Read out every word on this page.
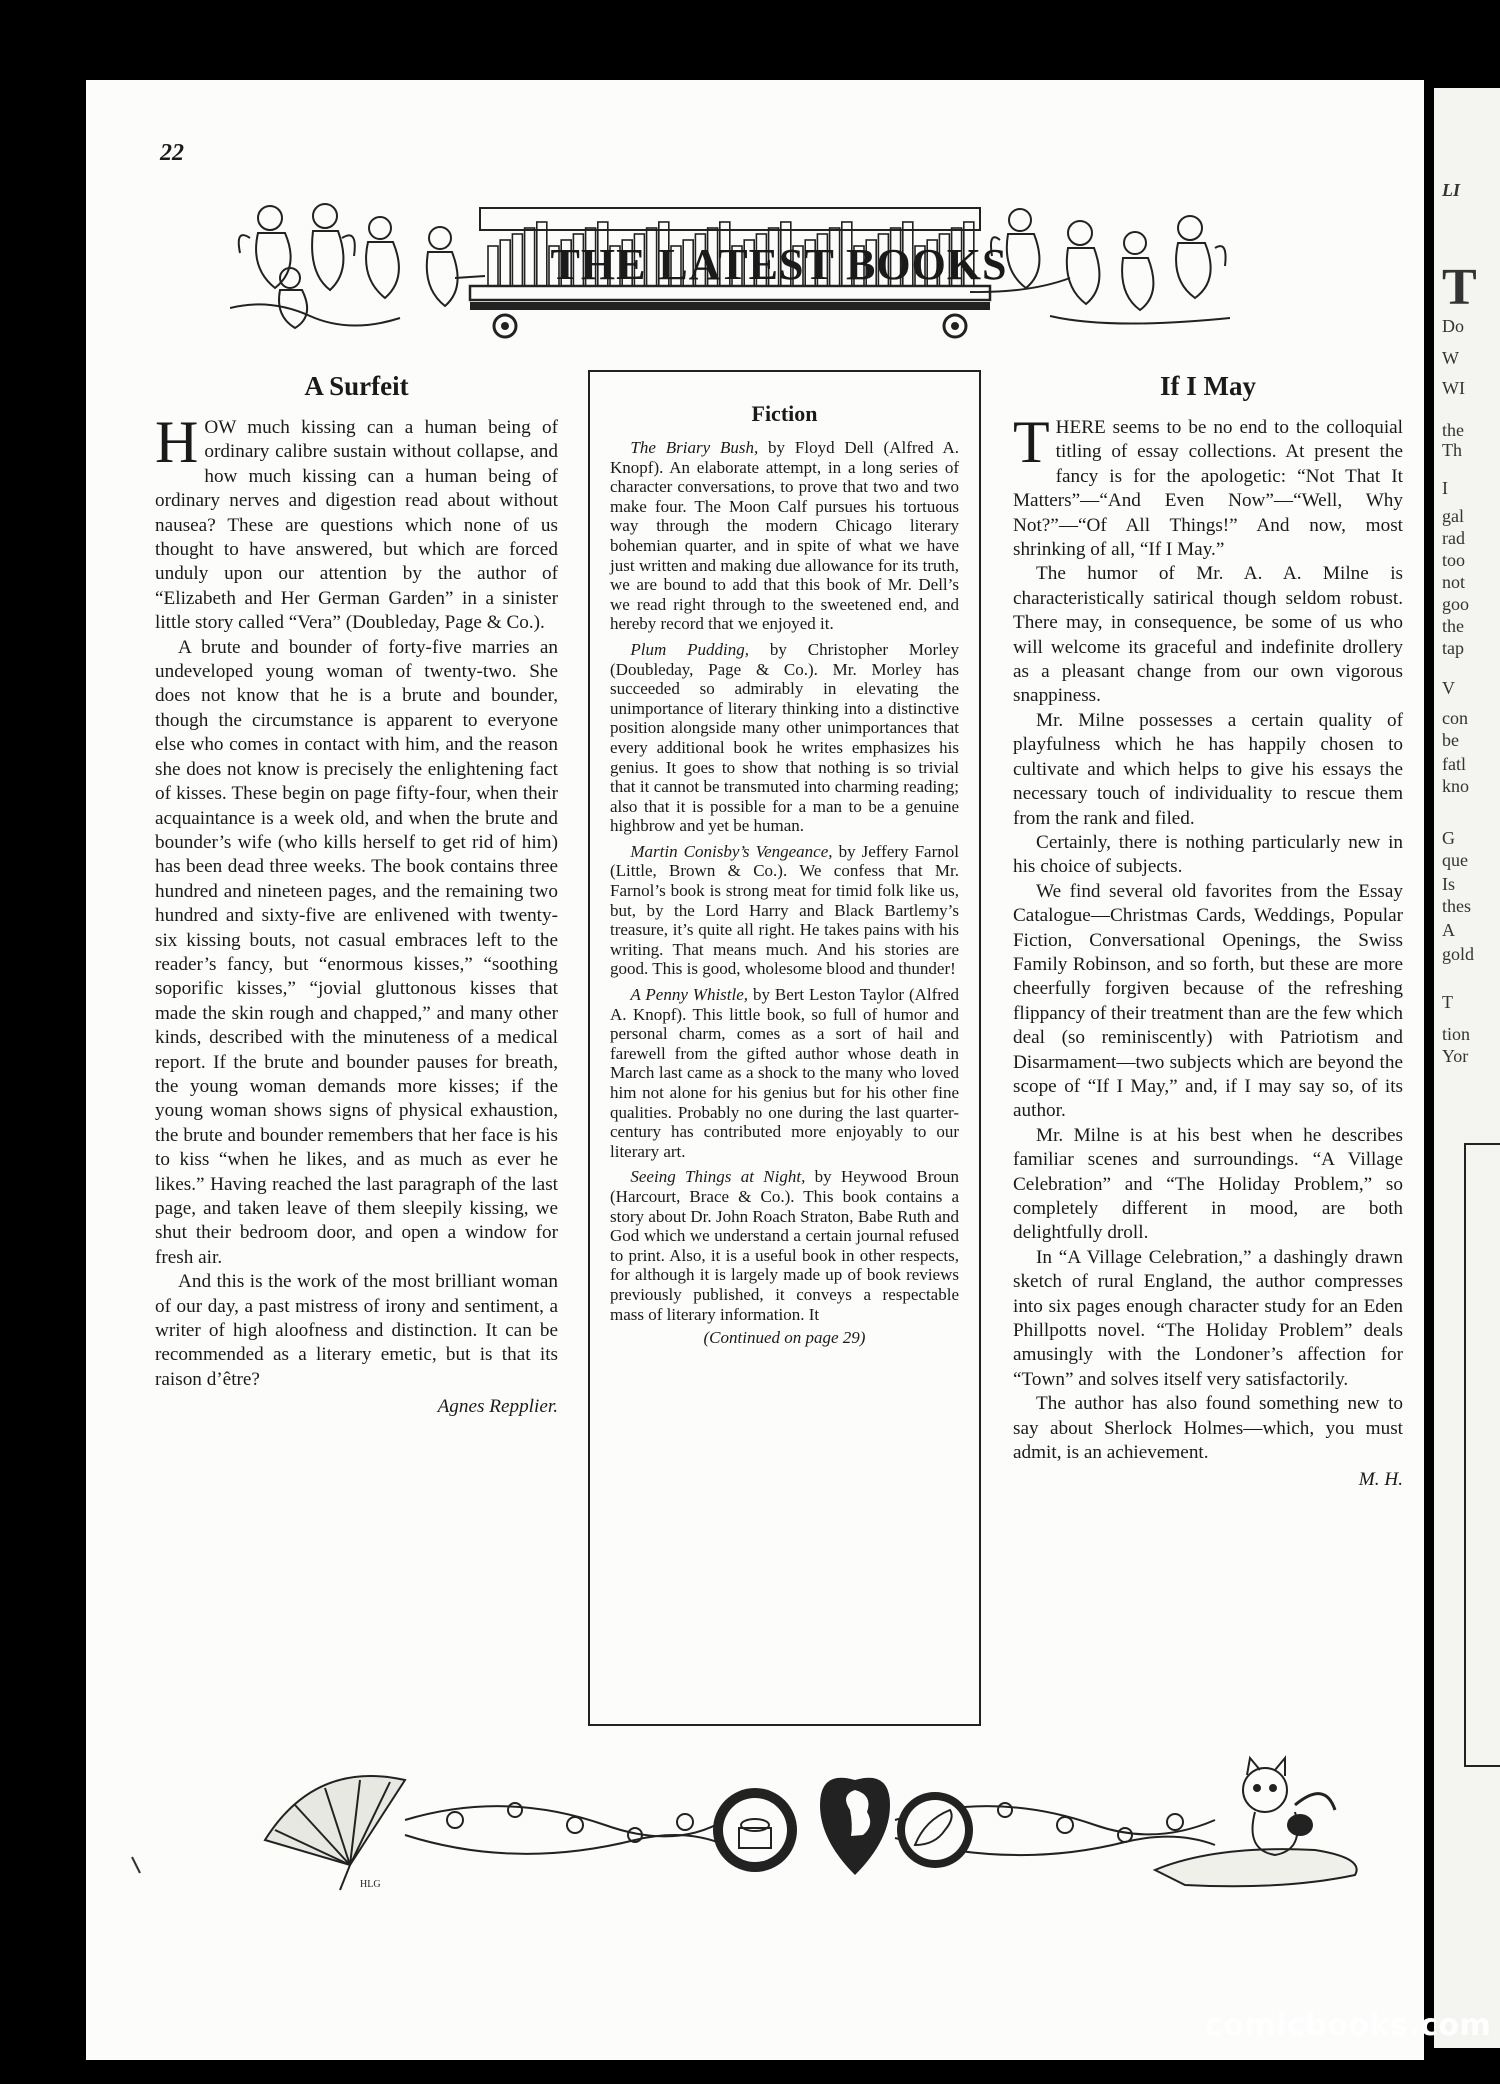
LI
T
Do
W
WI
the
Th
I
gal
rad
too
not
goo
the
tap
V
con
be
fatl
kno
G
que
Is
thes
A
gold
T
tion
Yor
22
THE LATEST BOOKS
A Surfeit

HOW much kissing can a human being of ordinary calibre sustain without collapse, and how much kissing can a human being of ordinary nerves and digestion read about without nausea? These are questions which none of us thought to have answered, but which are forced unduly upon our attention by the author of “Elizabeth and Her German Garden” in a sinister little story called “Vera” (Doubleday, Page & Co.).

A brute and bounder of forty-five marries an undeveloped young woman of twenty-two. She does not know that he is a brute and bounder, though the circumstance is apparent to everyone else who comes in contact with him, and the reason she does not know is precisely the enlightening fact of kisses. These begin on page fifty-four, when their acquaintance is a week old, and when the brute and bounder’s wife (who kills herself to get rid of him) has been dead three weeks. The book contains three hundred and nineteen pages, and the remaining two hundred and sixty-five are enlivened with twenty-six kissing bouts, not casual embraces left to the reader’s fancy, but “enormous kisses,” “soothing soporific kisses,” “jovial gluttonous kisses that made the skin rough and chapped,” and many other kinds, described with the minuteness of a medical report. If the brute and bounder pauses for breath, the young woman demands more kisses; if the young woman shows signs of physical exhaustion, the brute and bounder remembers that her face is his to kiss “when he likes, and as much as ever he likes.” Having reached the last paragraph of the last page, and taken leave of them sleepily kissing, we shut their bedroom door, and open a window for fresh air.

And this is the work of the most brilliant woman of our day, a past mistress of irony and sentiment, a writer of high aloofness and distinction. It can be recommended as a literary emetic, but is that its raison d’être?

Agnes Repplier.
Fiction

The Briary Bush, by Floyd Dell (Alfred A. Knopf). An elaborate attempt, in a long series of character conversations, to prove that two and two make four. The Moon Calf pursues his tortuous way through the modern Chicago literary bohemian quarter, and in spite of what we have just written and making due allowance for its truth, we are bound to add that this book of Mr. Dell’s we read right through to the sweetened end, and hereby record that we enjoyed it.

Plum Pudding, by Christopher Morley (Doubleday, Page & Co.). Mr. Morley has succeeded so admirably in elevating the unimportance of literary thinking into a distinctive position alongside many other unimportances that every additional book he writes emphasizes his genius. It goes to show that nothing is so trivial that it cannot be transmuted into charming reading; also that it is possible for a man to be a genuine highbrow and yet be human.

Martin Conisby’s Vengeance, by Jeffery Farnol (Little, Brown & Co.). We confess that Mr. Farnol’s book is strong meat for timid folk like us, but, by the Lord Harry and Black Bartlemy’s treasure, it’s quite all right. He takes pains with his writing. That means much. And his stories are good. This is good, wholesome blood and thunder!

A Penny Whistle, by Bert Leston Taylor (Alfred A. Knopf). This little book, so full of humor and personal charm, comes as a sort of hail and farewell from the gifted author whose death in March last came as a shock to the many who loved him not alone for his genius but for his other fine qualities. Probably no one during the last quarter-century has contributed more enjoyably to our literary art.

Seeing Things at Night, by Heywood Broun (Harcourt, Brace & Co.). This book contains a story about Dr. John Roach Straton, Babe Ruth and God which we understand a certain journal refused to print. Also, it is a useful book in other respects, for although it is largely made up of book reviews previously published, it conveys a respectable mass of literary information. It

(Continued on page 29)

If I May

THERE seems to be no end to the colloquial titling of essay collections. At present the fancy is for the apologetic: “Not That It Matters”—“And Even Now”—“Well, Why Not?”—“Of All Things!” And now, most shrinking of all, “If I May.”

The humor of Mr. A. A. Milne is characteristically satirical though seldom robust. There may, in consequence, be some of us who will welcome its graceful and indefinite drollery as a pleasant change from our own vigorous snappiness.

Mr. Milne possesses a certain quality of playfulness which he has happily chosen to cultivate and which helps to give his essays the necessary touch of individuality to rescue them from the rank and filed.

Certainly, there is nothing particularly new in his choice of subjects.

We find several old favorites from the Essay Catalogue—Christmas Cards, Weddings, Popular Fiction, Conversational Openings, the Swiss Family Robinson, and so forth, but these are more cheerfully forgiven because of the refreshing flippancy of their treatment than are the few which deal (so reminiscently) with Patriotism and Disarmament—two subjects which are beyond the scope of “If I May,” and, if I may say so, of its author.

Mr. Milne is at his best when he describes familiar scenes and surroundings. “A Village Celebration” and “The Holiday Problem,” so completely different in mood, are both delightfully droll.

In “A Village Celebration,” a dashingly drawn sketch of rural England, the author compresses into six pages enough character study for an Eden Phillpotts novel. “The Holiday Problem” deals amusingly with the Londoner’s affection for “Town” and solves itself very satisfactorily.

The author has also found something new to say about Sherlock Holmes—which, you must admit, is an achievement.

M. H.
HLG
comicbooks.com
